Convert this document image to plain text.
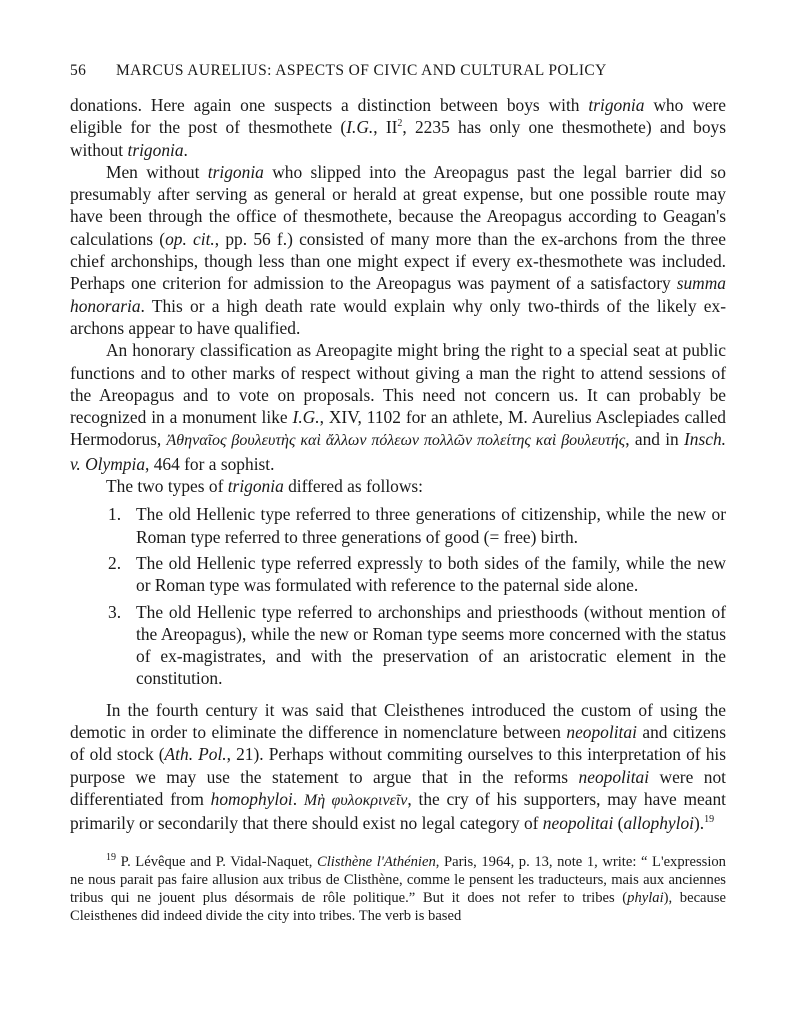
56 MARCUS AURELIUS: ASPECTS OF CIVIC AND CULTURAL POLICY

donations. Here again one suspects a distinction between boys with trigonia who were eligible for the post of thesmothete (I.G., $II^2$, 2235 has only one thesmothete) and boys without trigonia.

Men without trigonia who slipped into the Areopagus past the legal barrier did so presumably after serving as general or herald at great expense, but one possible route may have been through the office of thesmothete, because the Areopagus according to Geagan's calculations (op. cit., pp. 56 f.) consisted of many more than the ex-archons from the three chief archonships, though less than one might expect if every ex-thesmothete was included. Perhaps one criterion for admission to the Areopagus was payment of a satisfactory summa honoraria. This or a high death rate would explain why only two-thirds of the likely ex-archons appear to have qualified.

An honorary classification as Areopagite might bring the right to a special seat at public functions and to other marks of respect without giving a man the right to attend sessions of the Areopagus and to vote on proposals. This need not concern us. It can probably be recognized in a monument like I.G., XIV, 1102 for an athlete, M. Aurelius Asclepiades called Hermodorus, Ἀθηναῖος βουλευτὴς καὶ ἄλλων πόλεων πολλῶν πολείτης καὶ βουλευτής, and in Insch. v. Olympia, 464 for a sophist.

The two types of trigonia differed as follows:

1. The old Hellenic type referred to three generations of citizenship, while the new or Roman type referred to three generations of good (= free) birth.
2. The old Hellenic type referred expressly to both sides of the family, while the new or Roman type was formulated with reference to the paternal side alone.
3. The old Hellenic type referred to archonships and priesthoods (without mention of the Areopagus), while the new or Roman type seems more concerned with the status of ex-magistrates, and with the preservation of an aristocratic element in the constitution.

In the fourth century it was said that Cleisthenes introduced the custom of using the demotic in order to eliminate the difference in nomenclature between neopolitai and citizens of old stock (Ath. Pol., 21). Perhaps without commiting ourselves to this interpretation of his purpose we may use the statement to argue that in the reforms neopolitai were not differentiated from homophyloi. Μὴ φυλοκρινεῖν, the cry of his supporters, may have meant primarily or secondarily that there should exist no legal category of neopolitai (allophyloi).$^{19}$

$^{19}$ P. Lévêque and P. Vidal-Naquet, Clisthène l'Athénien, Paris, 1964, p. 13, note 1, write: “ L'expression ne nous parait pas faire allusion aux tribus de Clisthène, comme le pensent les traducteurs, mais aux anciennes tribus qui ne jouent plus désormais de rôle politique.” But it does not refer to tribes (phylai), because Cleisthenes did indeed divide the city into tribes. The verb is based
